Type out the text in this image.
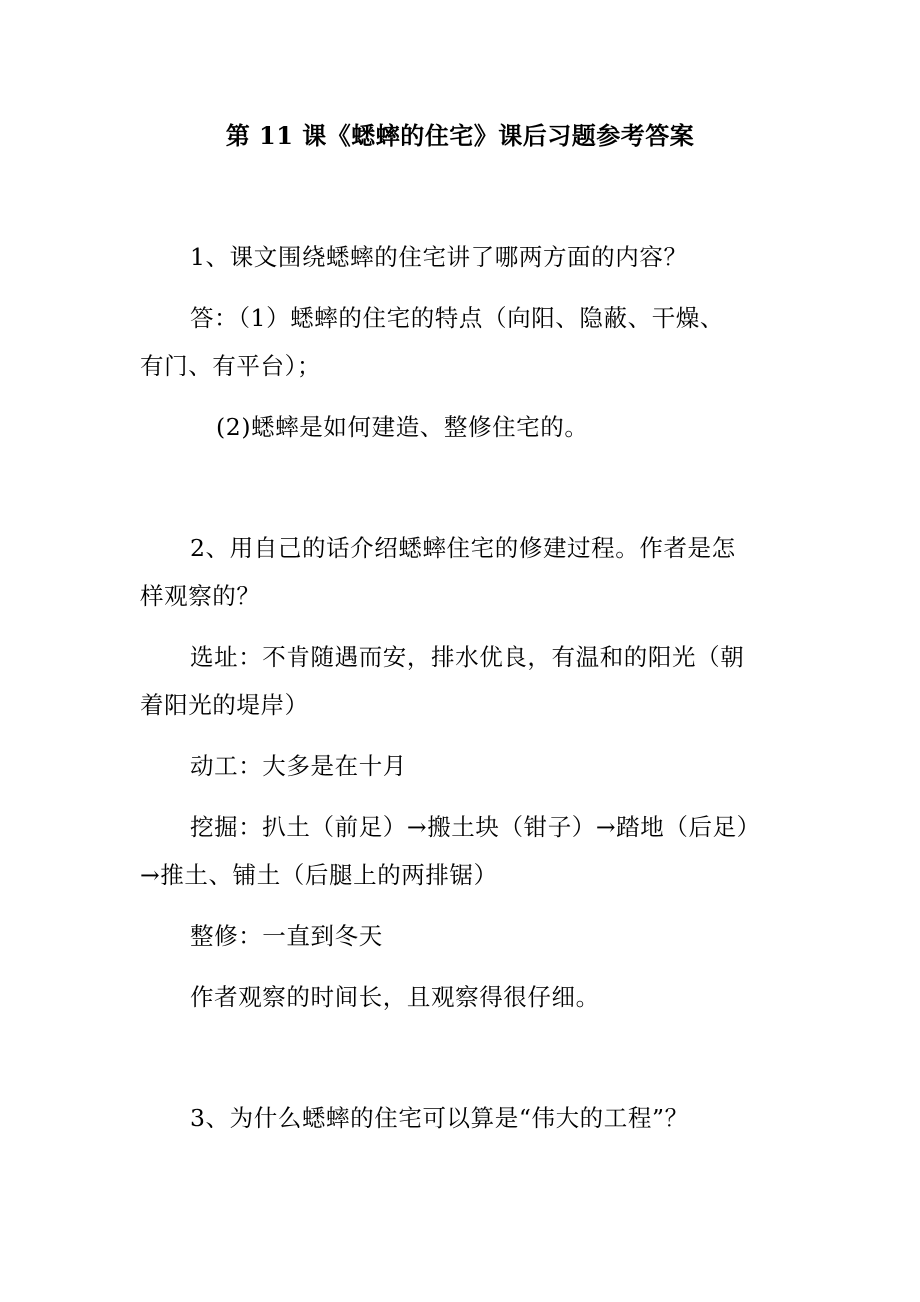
第 11 课《蟋蟀的住宅》课后习题参考答案
1、课文围绕蟋蟀的住宅讲了哪两方面的内容？
答：（1）蟋蟀的住宅的特点（向阳、隐蔽、干燥、
有门、有平台）；
(2)蟋蟀是如何建造、整修住宅的。
2、用自己的话介绍蟋蟀住宅的修建过程。作者是怎
样观察的？
选址：不肯随遇而安，排水优良，有温和的阳光（朝
着阳光的堤岸）
动工：大多是在十月
挖掘：扒土（前足）→搬土块（钳子）→踏地（后足）
→推土、铺土（后腿上的两排锯）
整修：一直到冬天
作者观察的时间长，且观察得很仔细。
3、为什么蟋蟀的住宅可以算是“伟大的工程”？
